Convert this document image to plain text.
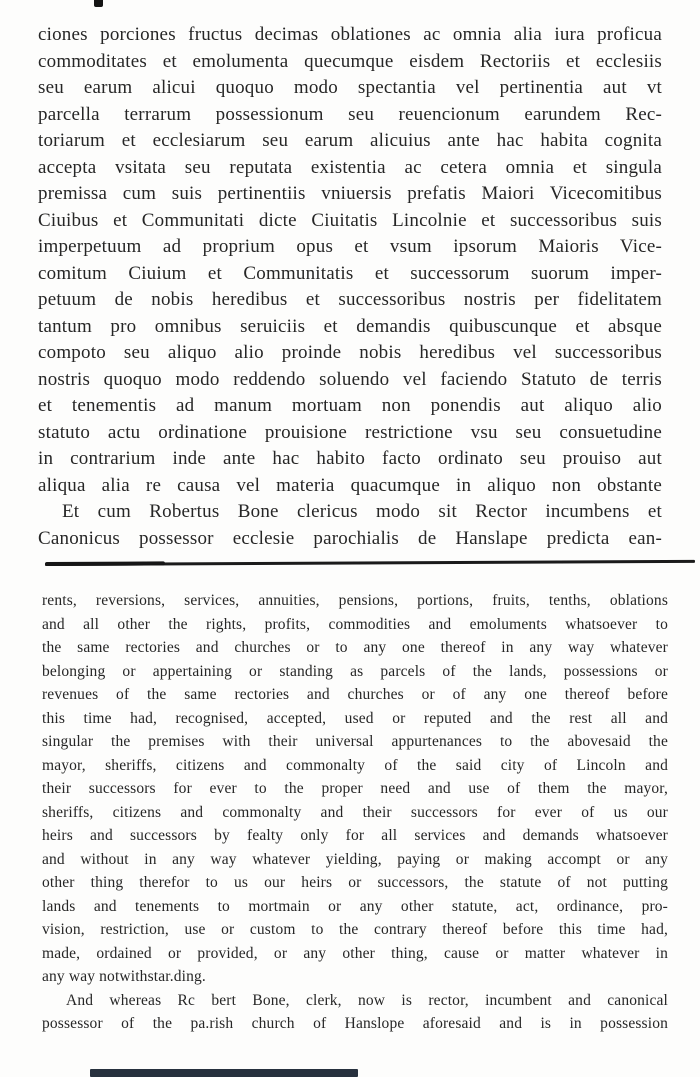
ciones porciones fructus decimas oblationes ac omnia alia iura proficua
commoditates et emolumenta quecumque eisdem Rectoriis et ecclesiis
seu earum alicui quoquo modo spectantia vel pertinentia aut vt
parcella terrarum possessionum seu reuencionum earundem Rec-
toriarum et ecclesiarum seu earum alicuius ante hac habita cognita
accepta vsitata seu reputata existentia ac cetera omnia et singula
premissa cum suis pertinentiis vniuersis prefatis Maiori Vicecomitibus
Ciuibus et Communitati dicte Ciuitatis Lincolnie et successoribus suis
imperpetuum ad proprium opus et vsum ipsorum Maioris Vice-
comitum Ciuium et Communitatis et successorum suorum imper-
petuum de nobis heredibus et successoribus nostris per fidelitatem
tantum pro omnibus seruiciis et demandis quibuscunque et absque
compoto seu aliquo alio proinde nobis heredibus vel successoribus
nostris quoquo modo reddendo soluendo vel faciendo Statuto de terris
et tenementis ad manum mortuam non ponendis aut aliquo alio
statuto actu ordinatione prouisione restrictione vsu seu consuetudine
in contrarium inde ante hac habito facto ordinato seu prouiso aut
aliqua alia re causa vel materia quacumque in aliquo non obstante
Et cum Robertus Bone clericus modo sit Rector incumbens et
Canonicus possessor ecclesie parochialis de Hanslape predicta ean-
rents, reversions, services, annuities, pensions, portions, fruits, tenths, oblations
and all other the rights, profits, commodities and emoluments whatsoever to
the same rectories and churches or to any one thereof in any way whatever
belonging or appertaining or standing as parcels of the lands, possessions or
revenues of the same rectories and churches or of any one thereof before
this time had, recognised, accepted, used or reputed and the rest all and
singular the premises with their universal appurtenances to the abovesaid the
mayor, sheriffs, citizens and commonalty of the said city of Lincoln and
their successors for ever to the proper need and use of them the mayor,
sheriffs, citizens and commonalty and their successors for ever of us our
heirs and successors by fealty only for all services and demands whatsoever
and without in any way whatever yielding, paying or making accompt or any
other thing therefor to us our heirs or successors, the statute of not putting
lands and tenements to mortmain or any other statute, act, ordinance, pro-
vision, restriction, use or custom to the contrary thereof before this time had,
made, ordained or provided, or any other thing, cause or matter whatever in
any way notwithstar.ding.
And whereas Rc bert Bone, clerk, now is rector, incumbent and canonical
possessor of the pa.rish church of Hanslope aforesaid and is in possession
